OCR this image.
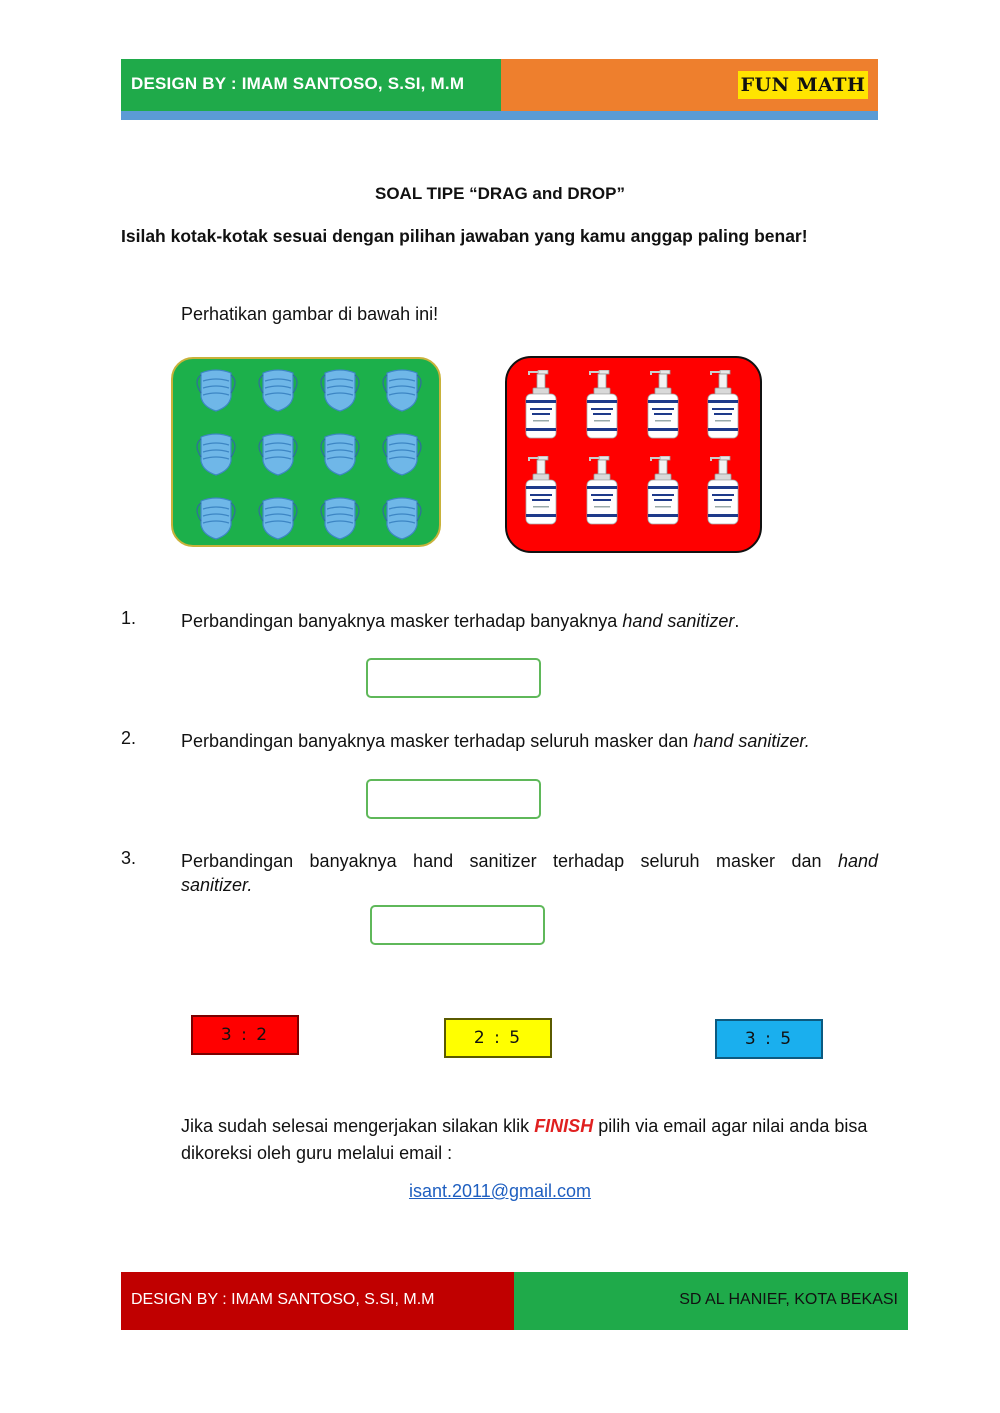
DESIGN BY : IMAM SANTOSO, S.SI, M.M	FUN MATH
SOAL TIPE “DRAG and DROP”
Isilah kotak-kotak sesuai dengan pilihan jawaban yang kamu anggap paling benar!
Perhatikan gambar di bawah ini!
1. Perbandingan banyaknya masker terhadap banyaknya hand sanitizer.
2. Perbandingan banyaknya masker terhadap seluruh masker dan hand sanitizer.
3. Perbandingan banyaknya hand sanitizer terhadap seluruh masker dan hand
sanitizer.
3 : 2	2 : 5	3 : 5
Jika sudah selesai mengerjakan silakan klik FINISH pilih via email agar nilai anda bisa dikoreksi oleh guru melalui email :
isant.2011@gmail.com
DESIGN BY : IMAM SANTOSO, S.SI, M.M	SD AL HANIEF, KOTA BEKASI
